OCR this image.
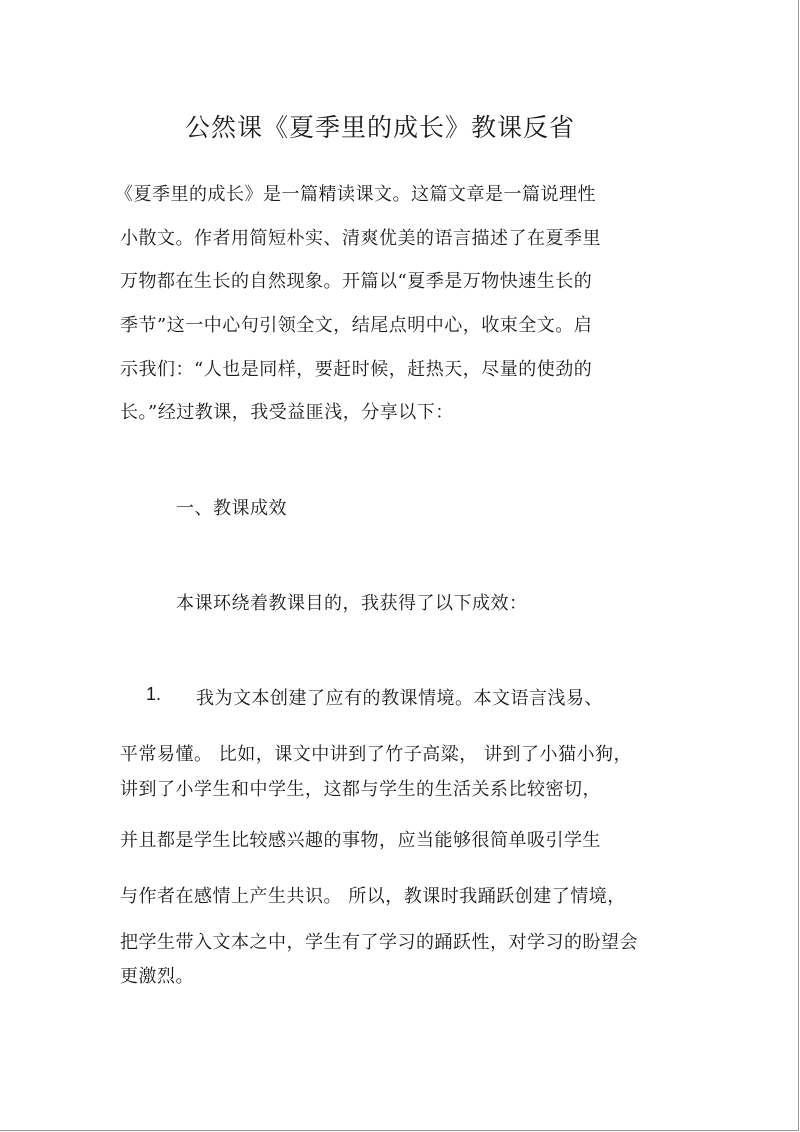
公然课《夏季里的成长》教课反省

《夏季里的成长》是一篇精读课文。这篇文章是一篇说理性

小散文。作者用简短朴实、清爽优美的语言描述了在夏季里

万物都在生长的自然现象。开篇以“夏季是万物快速生长的

季节”这一中心句引领全文，结尾点明中心，收束全文。启

示我们：“人也是同样，要赶时候，赶热天，尽量的使劲的

长。”经过教课，我受益匪浅，分享以下：

一、教课成效

本课环绕着教课目的，我获得了以下成效：

1. 我为文本创建了应有的教课情境。本文语言浅易、

平常易懂。 比如，课文中讲到了竹子高粱， 讲到了小猫小狗，

讲到了小学生和中学生，这都与学生的生活关系比较密切，

并且都是学生比较感兴趣的事物，应当能够很简单吸引学生

与作者在感情上产生共识。 所以，教课时我踊跃创建了情境，

把学生带入文本之中，学生有了学习的踊跃性，对学习的盼望会

更激烈。
